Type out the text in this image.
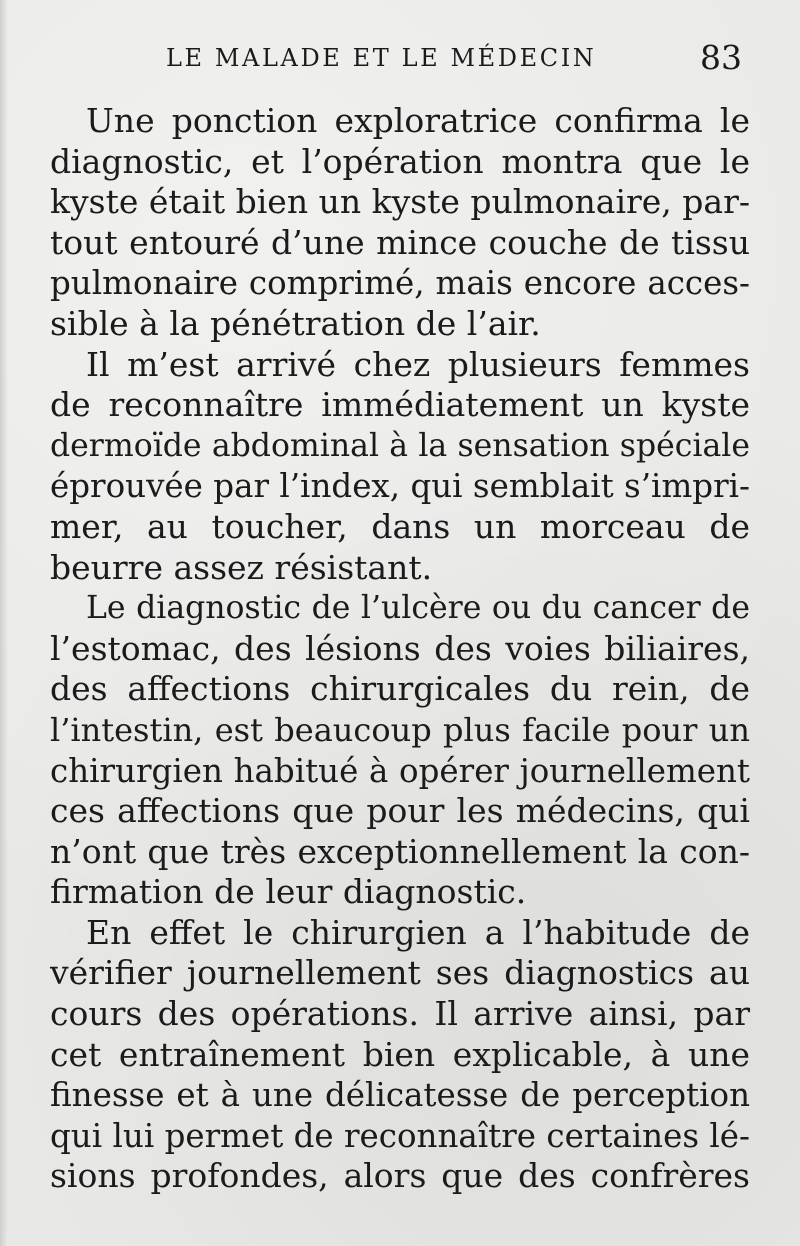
LE MALADE ET LE MÉDECIN	83
Une ponction exploratrice confirma le
diagnostic, et l’opération montra que le
kyste était bien un kyste pulmonaire, par-
tout entouré d’une mince couche de tissu
pulmonaire comprimé, mais encore acces-
sible à la pénétration de l’air.
Il m’est arrivé chez plusieurs femmes
de reconnaître immédiatement un kyste
dermoïde abdominal à la sensation spéciale
éprouvée par l’index, qui semblait s’impri-
mer, au toucher, dans un morceau de
beurre assez résistant.
Le diagnostic de l’ulcère ou du cancer de
l’estomac, des lésions des voies biliaires,
des affections chirurgicales du rein, de
l’intestin, est beaucoup plus facile pour un
chirurgien habitué à opérer journellement
ces affections que pour les médecins, qui
n’ont que très exceptionnellement la con-
firmation de leur diagnostic.
En effet le chirurgien a l’habitude de
vérifier journellement ses diagnostics au
cours des opérations. Il arrive ainsi, par
cet entraînement bien explicable, à une
finesse et à une délicatesse de perception
qui lui permet de reconnaître certaines lé-
sions profondes, alors que des confrères
